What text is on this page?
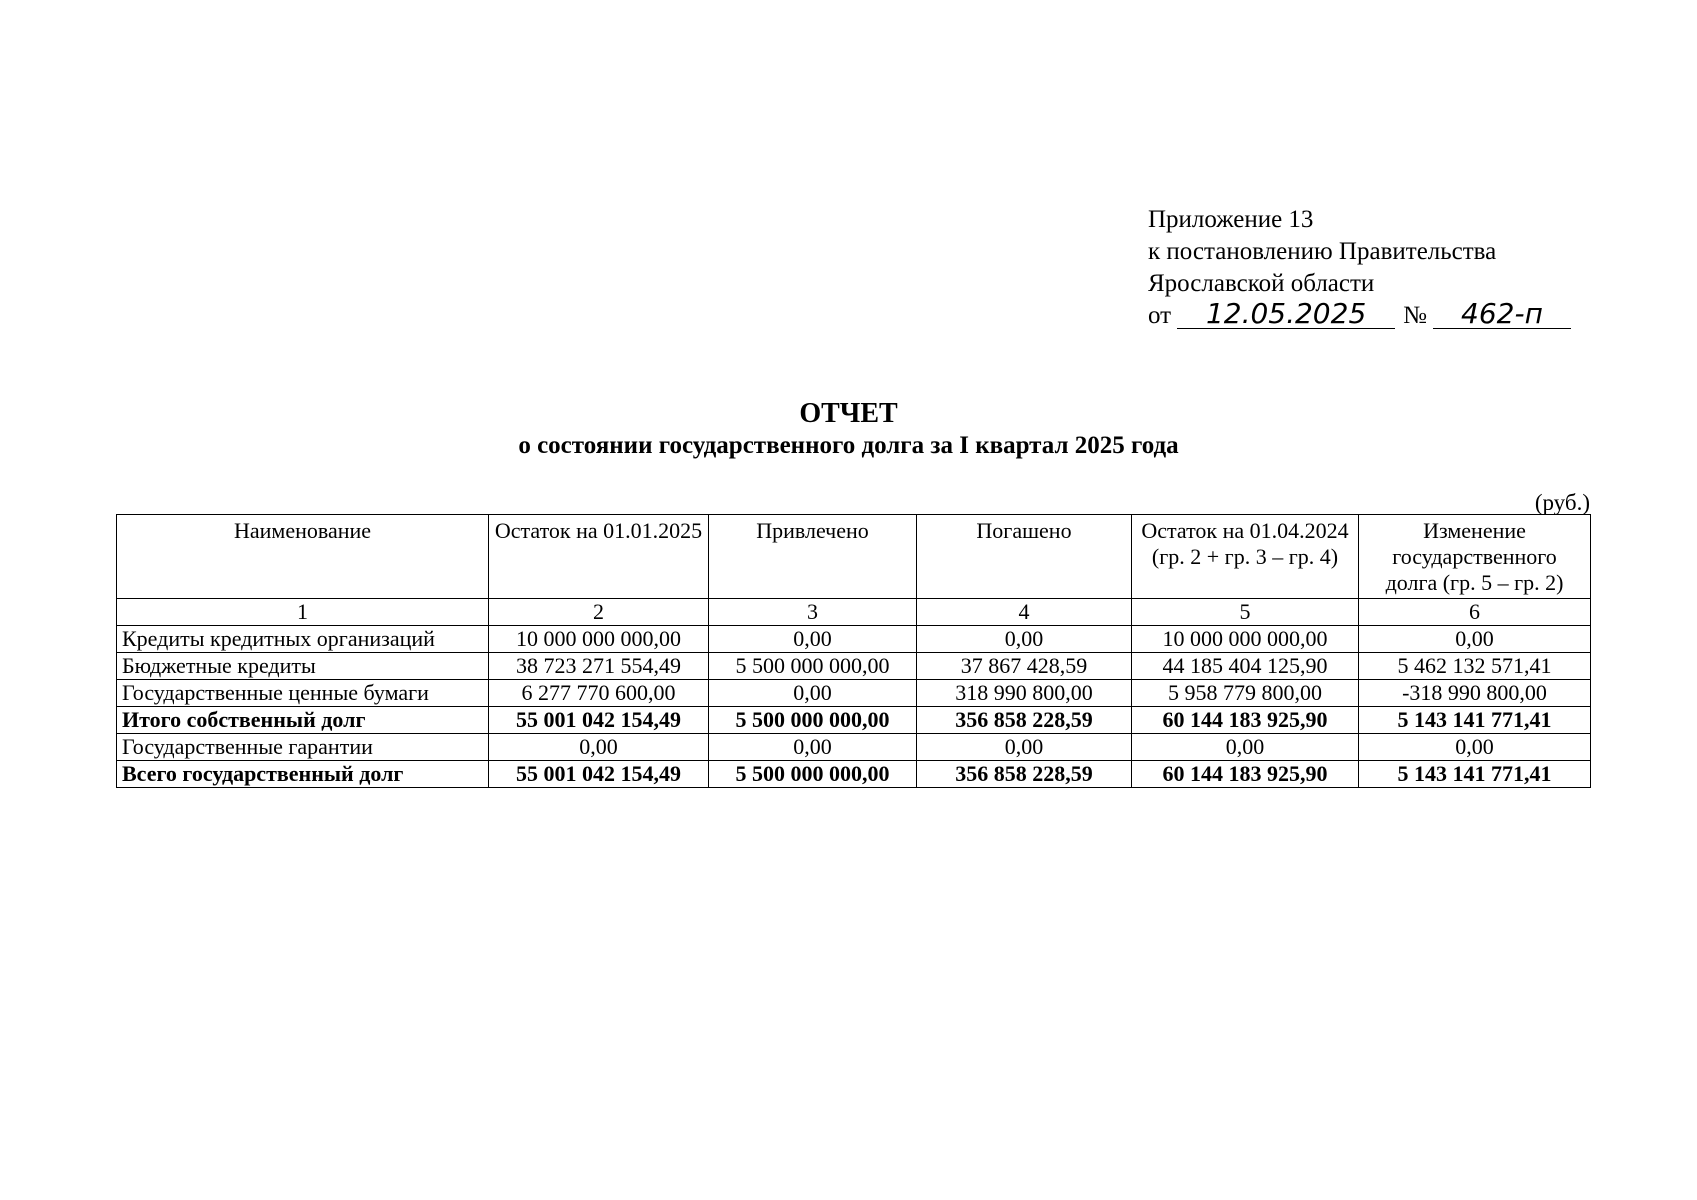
Приложение 13
к постановлению Правительства
Ярославской области
от 12.05.2025 № 462-п
ОТЧЕТ
о состоянии государственного долга за I квартал 2025 года
(руб.)
Наименование	Остаток на 01.01.2025	Привлечено	Погашено	Остаток на 01.04.2024 (гр. 2 + гр. 3 – гр. 4)	Изменение государственного долга (гр. 5 – гр. 2)
1	2	3	4	5	6
Кредиты кредитных организаций	10 000 000 000,00	0,00	0,00	10 000 000 000,00	0,00
Бюджетные кредиты	38 723 271 554,49	5 500 000 000,00	37 867 428,59	44 185 404 125,90	5 462 132 571,41
Государственные ценные бумаги	6 277 770 600,00	0,00	318 990 800,00	5 958 779 800,00	-318 990 800,00
Итого собственный долг	55 001 042 154,49	5 500 000 000,00	356 858 228,59	60 144 183 925,90	5 143 141 771,41
Государственные гарантии	0,00	0,00	0,00	0,00	0,00
Всего государственный долг	55 001 042 154,49	5 500 000 000,00	356 858 228,59	60 144 183 925,90	5 143 141 771,41
